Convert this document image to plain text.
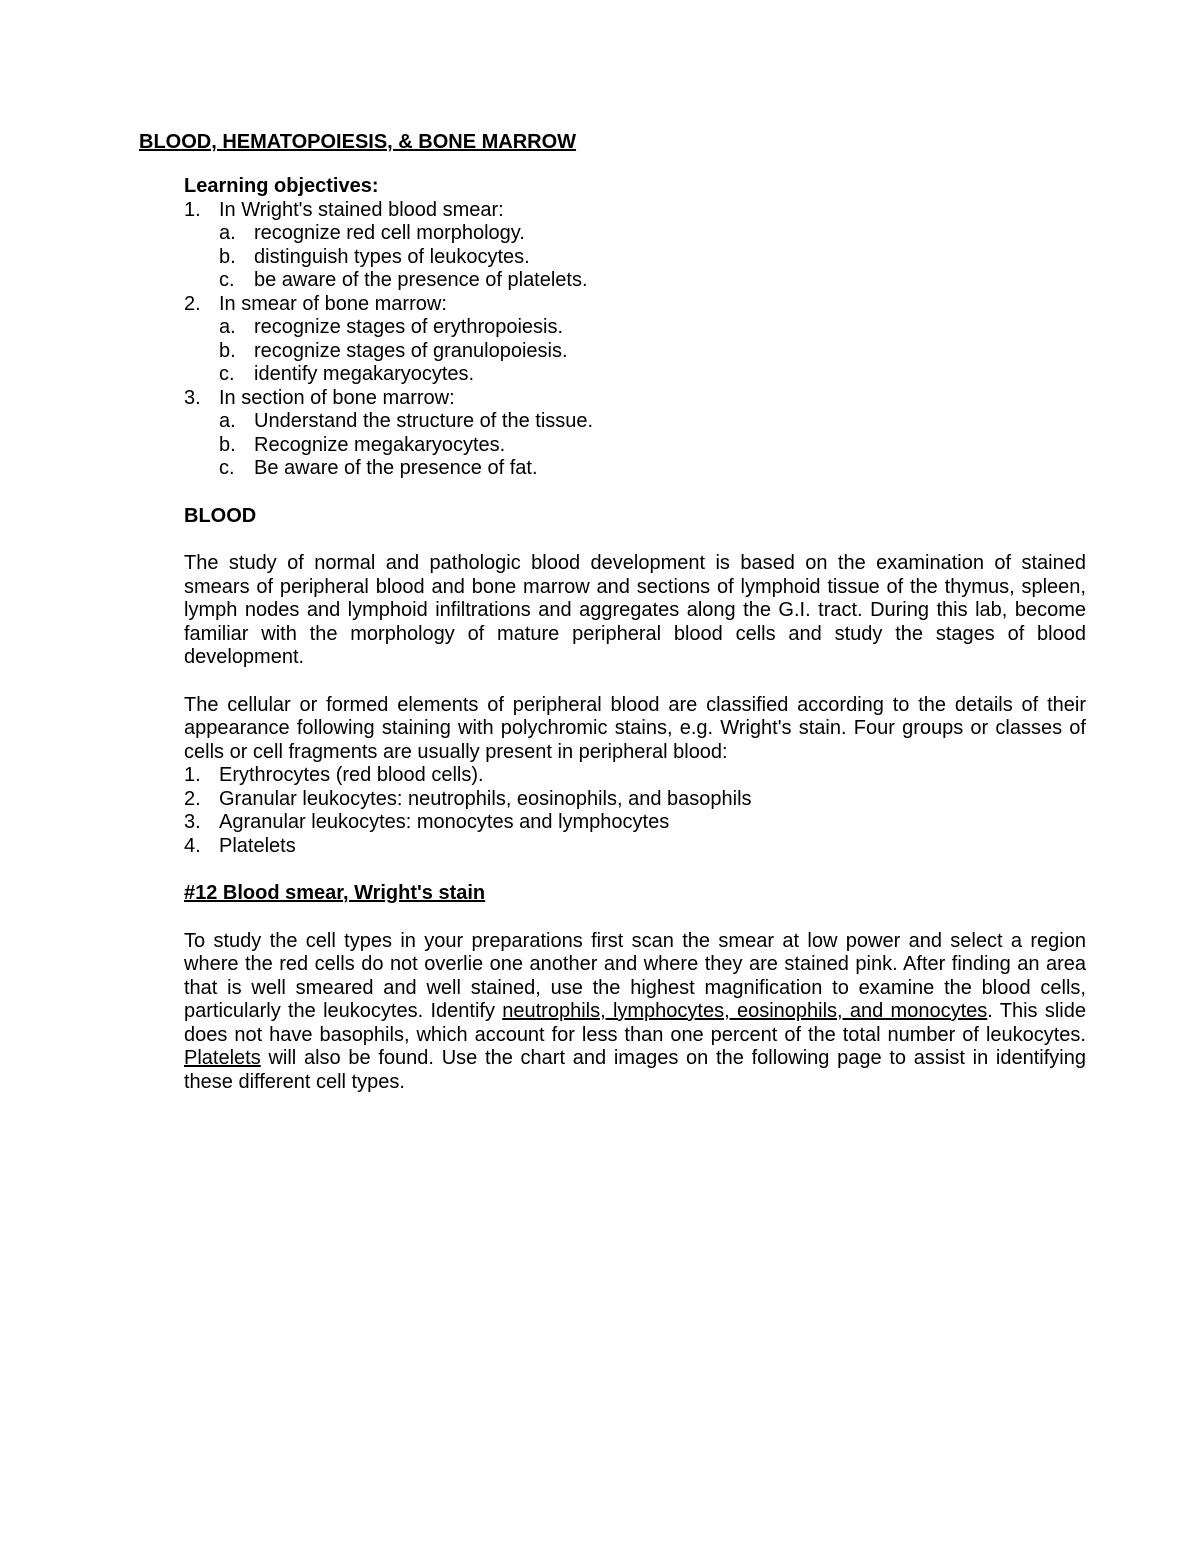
BLOOD, HEMATOPOIESIS, & BONE MARROW
Learning objectives:
1. In Wright's stained blood smear:
a. recognize red cell morphology.
b. distinguish types of leukocytes.
c. be aware of the presence of platelets.
2. In smear of bone marrow:
a. recognize stages of erythropoiesis.
b. recognize stages of granulopoiesis.
c. identify megakaryocytes.
3. In section of bone marrow:
a. Understand the structure of the tissue.
b. Recognize megakaryocytes.
c. Be aware of the presence of fat.
BLOOD

The study of normal and pathologic blood development is based on the examination of stained smears of peripheral blood and bone marrow and sections of lymphoid tissue of the thymus, spleen, lymph nodes and lymphoid infiltrations and aggregates along the G.I. tract. During this lab, become familiar with the morphology of mature peripheral blood cells and study the stages of blood development.

The cellular or formed elements of peripheral blood are classified according to the details of their appearance following staining with polychromic stains, e.g. Wright's stain. Four groups or classes of cells or cell fragments are usually present in peripheral blood:

1. Erythrocytes (red blood cells).
2. Granular leukocytes: neutrophils, eosinophils, and basophils
3. Agranular leukocytes: monocytes and lymphocytes
4. Platelets
#12 Blood smear, Wright's stain

To study the cell types in your preparations first scan the smear at low power and select a region where the red cells do not overlie one another and where they are stained pink. After finding an area that is well smeared and well stained, use the highest magnification to examine the blood cells, particularly the leukocytes. Identify neutrophils, lymphocytes, eosinophils, and monocytes. This slide does not have basophils, which account for less than one percent of the total number of leukocytes. Platelets will also be found. Use the chart and images on the following page to assist in identifying these different cell types.
